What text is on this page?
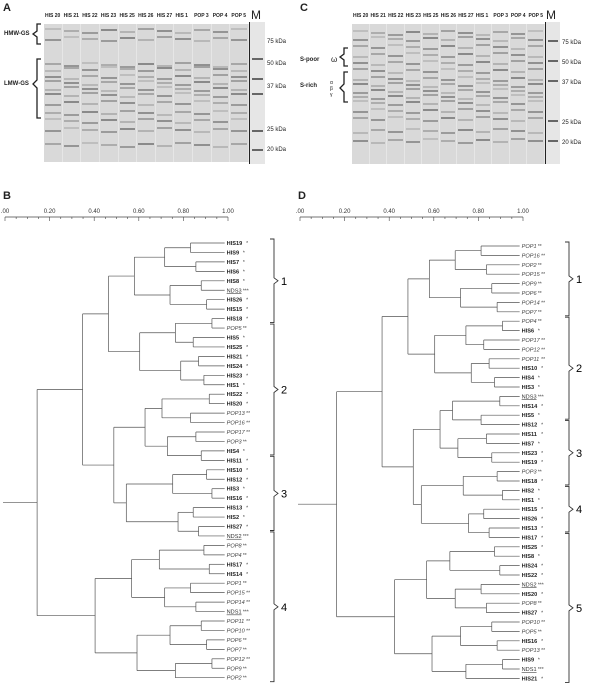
A
HIS 20 HIS 21 HIS 22 HIS 23 HIS 25 HIS 26 HIS 27 HIS 1 POP 3 POP 4 POP 5 M
75 kDa
50 kDa
37 kDa
25 kDa
20 kDa
HMW-GS
LMW-GS
C
HIS 20 HIS 21 HIS 22 HIS 23 HIS 25 HIS 26 HIS 27 HIS 1 POP 3 POP 4 POP 5 M
75 kDa
50 kDa
37 kDa
25 kDa
20 kDa
S-poor
S-rich
ω
α β γ
B
.00	0.20	0.40	0.60	0.80	1.00
HIS19 *
HIS9 *
HIS7 *
HIS6 *
HIS8 *
NDS3 ***
HIS26 *
HIS15 *
HIS18 *
POP5 **
HIS5 *
HIS25 *
HIS21 *
HIS24 *
HIS23 *
HIS1 *
HIS22 *
HIS20 *
POP13 **
POP16 **
POP17 **
POP3 **
HIS4 *
HIS11 *
HIS10 *
HIS12 *
HIS3 *
HIS16 *
HIS13 *
HIS2 *
HIS27 *
NDS2 ***
POP8 **
POP4 **
HIS17 *
HIS14 *
POP1 **
POP15 **
POP14 **
NDS1 ***
POP11 **
POP10 **
POP6 **
POP7 **
POP12 **
POP9 **
POP2 **
1
2
3
4
D
.00	0.20	0.40	0.60	0.80	1.00
POP1 **
POP16 **
POP2 **
POP15 **
POP9 **
POP6 **
POP14 **
POP7 **
POP4 **
HIS6 *
POP17 **
POP12 **
POP11 **
HIS10 *
HIS4 *
HIS3 *
NDS3 ***
HIS14 *
HIS5 *
HIS12 *
HIS11 *
HIS7 *
HIS23 *
HIS19 *
POP3 **
HIS18 *
HIS2 *
HIS1 *
HIS15 *
HIS26 *
HIS13 *
HIS17 *
HIS25 *
HIS8 *
HIS24 *
HIS22 *
NDS2 ***
HIS20 *
POP8 **
HIS27 *
POP10 **
POP5 **
HIS16 *
POP13 **
HIS9 *
NDS1 ***
HIS21 *
1
2
3
4
5
